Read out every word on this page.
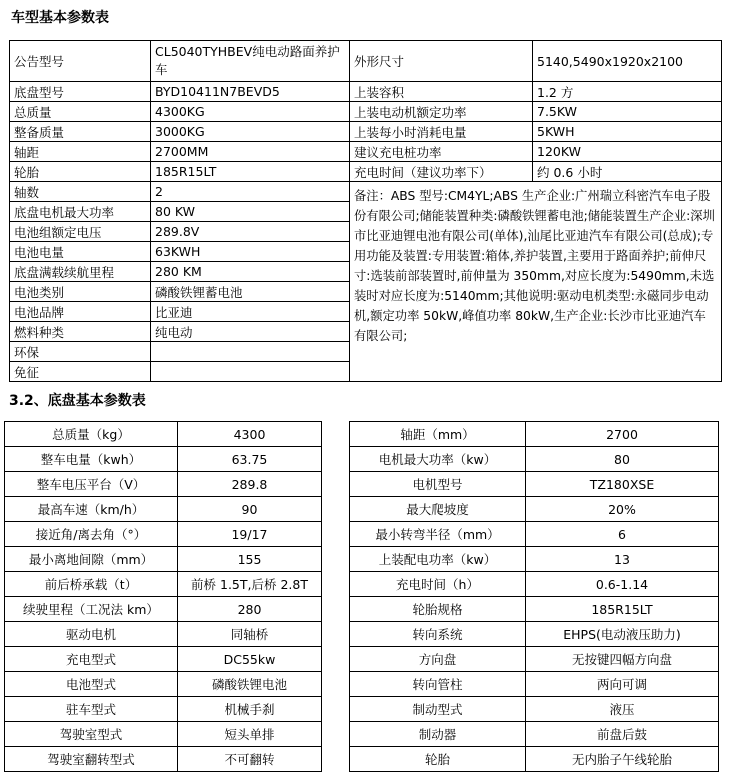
车型基本参数表
公告型号	CL5040TYHBEV纯电动路面养护车	外形尺寸	5140,5490x1920x2100
底盘型号	BYD10411N7BEVD5	上装容积	1.2 方
总质量	4300KG	上装电动机额定功率	7.5KW
整备质量	3000KG	上装每小时消耗电量	5KWH
轴距	2700MM	建议充电桩功率	120KW
轮胎	185R15LT	充电时间（建议功率下）	约 0.6 小时
轴数	2	备注：ABS 型号:CM4YL;ABS 生产企业:广州瑞立科密汽车电子股份有限公司;储能装置种类:磷酸铁锂蓄电池;储能装置生产企业:深圳市比亚迪锂电池有限公司(单体),汕尾比亚迪汽车有限公司(总成);专用功能及装置:专用装置:箱体,养护装置,主要用于路面养护;前伸尺寸:选装前部装置时,前伸量为 350mm,对应长度为:5490mm,未选装时对应长度为:5140mm;其他说明:驱动电机类型:永磁同步电动机,额定功率 50kW,峰值功率 80kW,生产企业:长沙市比亚迪汽车有限公司;	
底盘电机最大功率	80 KW		
电池组额定电压	289.8V		
电池电量	63KWH		
底盘满载续航里程	280 KM		
电池类别	磷酸铁锂蓄电池		
电池品牌	比亚迪		
燃料种类	纯电动		
环保			
免征			
3.2、底盘基本参数表
总质量（kg）	4300		轴距（mm）	2700
整车电量（kwh）	63.75		电机最大功率（kw）	80
整车电压平台（V）	289.8		电机型号	TZ180XSE
最高车速（km/h）	90		最大爬坡度	20%
接近角/离去角（°）	19/17		最小转弯半径（mm）	6
最小离地间隙（mm）	155		上装配电功率（kw）	13
前后桥承载（t）	前桥 1.5T,后桥 2.8T		充电时间（h）	0.6-1.14
续驶里程（工况法 km）	280		轮胎规格	185R15LT
驱动电机	同轴桥		转向系统	EHPS(电动液压助力)
充电型式	DC55kw		方向盘	无按键四幅方向盘
电池型式	磷酸铁锂电池		转向管柱	两向可调
驻车型式	机械手刹		制动型式	液压
驾驶室型式	短头单排		制动器	前盘后鼓
驾驶室翻转型式	不可翻转		轮胎	无内胎子午线轮胎
